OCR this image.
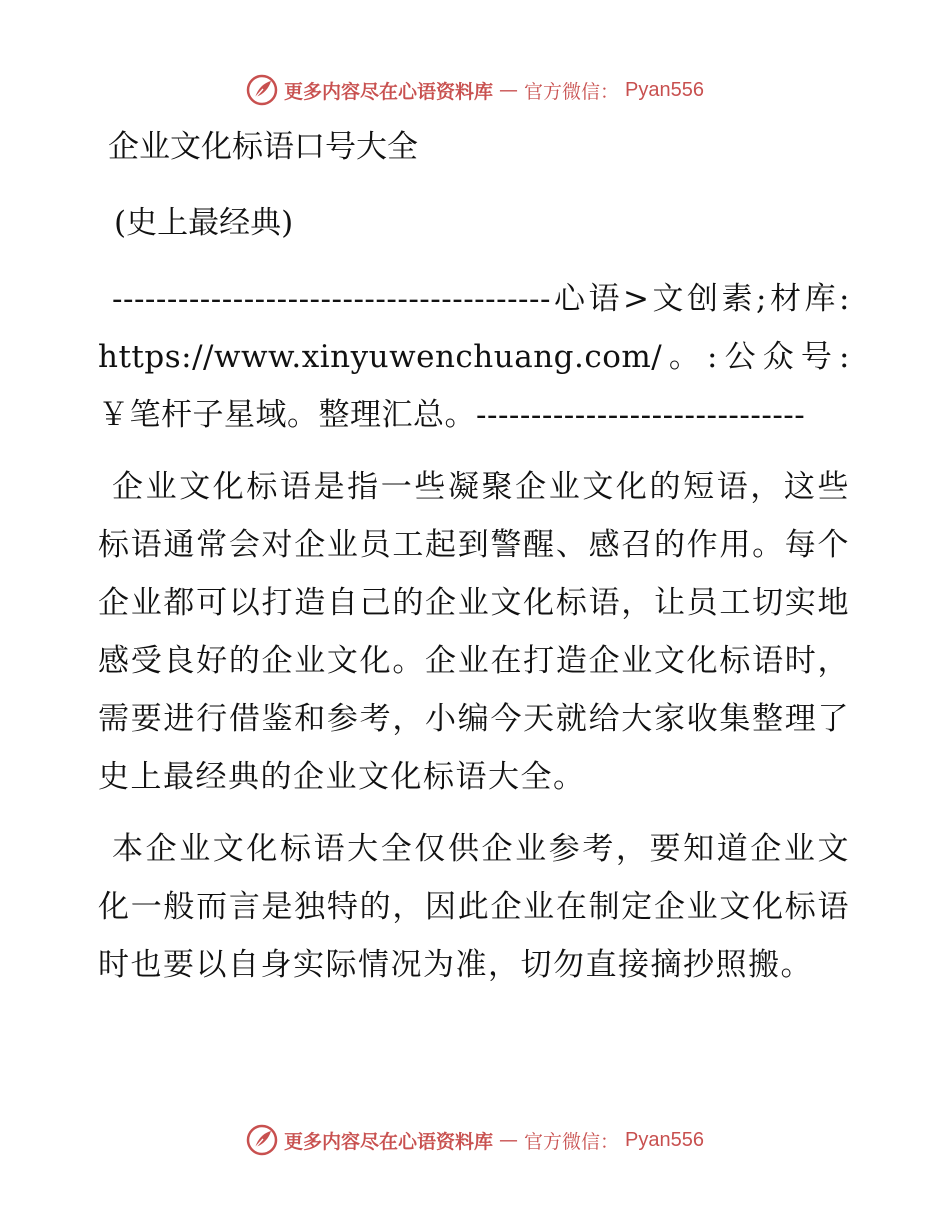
更多内容尽在心语资料库 — 官方微信： Pyan556

企业文化标语口号大全

(史上最经典)

----------------------------------------心语>文创素;材库: https://www.xinyuwenchuang.com/。:公众号: ￥笔杆子星域。整理汇总。------------------------------

企业文化标语是指一些凝聚企业文化的短语，这些标语通常会对企业员工起到警醒、感召的作用。每个企业都可以打造自己的企业文化标语，让员工切实地感受良好的企业文化。企业在打造企业文化标语时，需要进行借鉴和参考，小编今天就给大家收集整理了史上最经典的企业文化标语大全。

本企业文化标语大全仅供企业参考，要知道企业文化一般而言是独特的，因此企业在制定企业文化标语时也要以自身实际情况为准，切勿直接摘抄照搬。

更多内容尽在心语资料库 — 官方微信： Pyan556
